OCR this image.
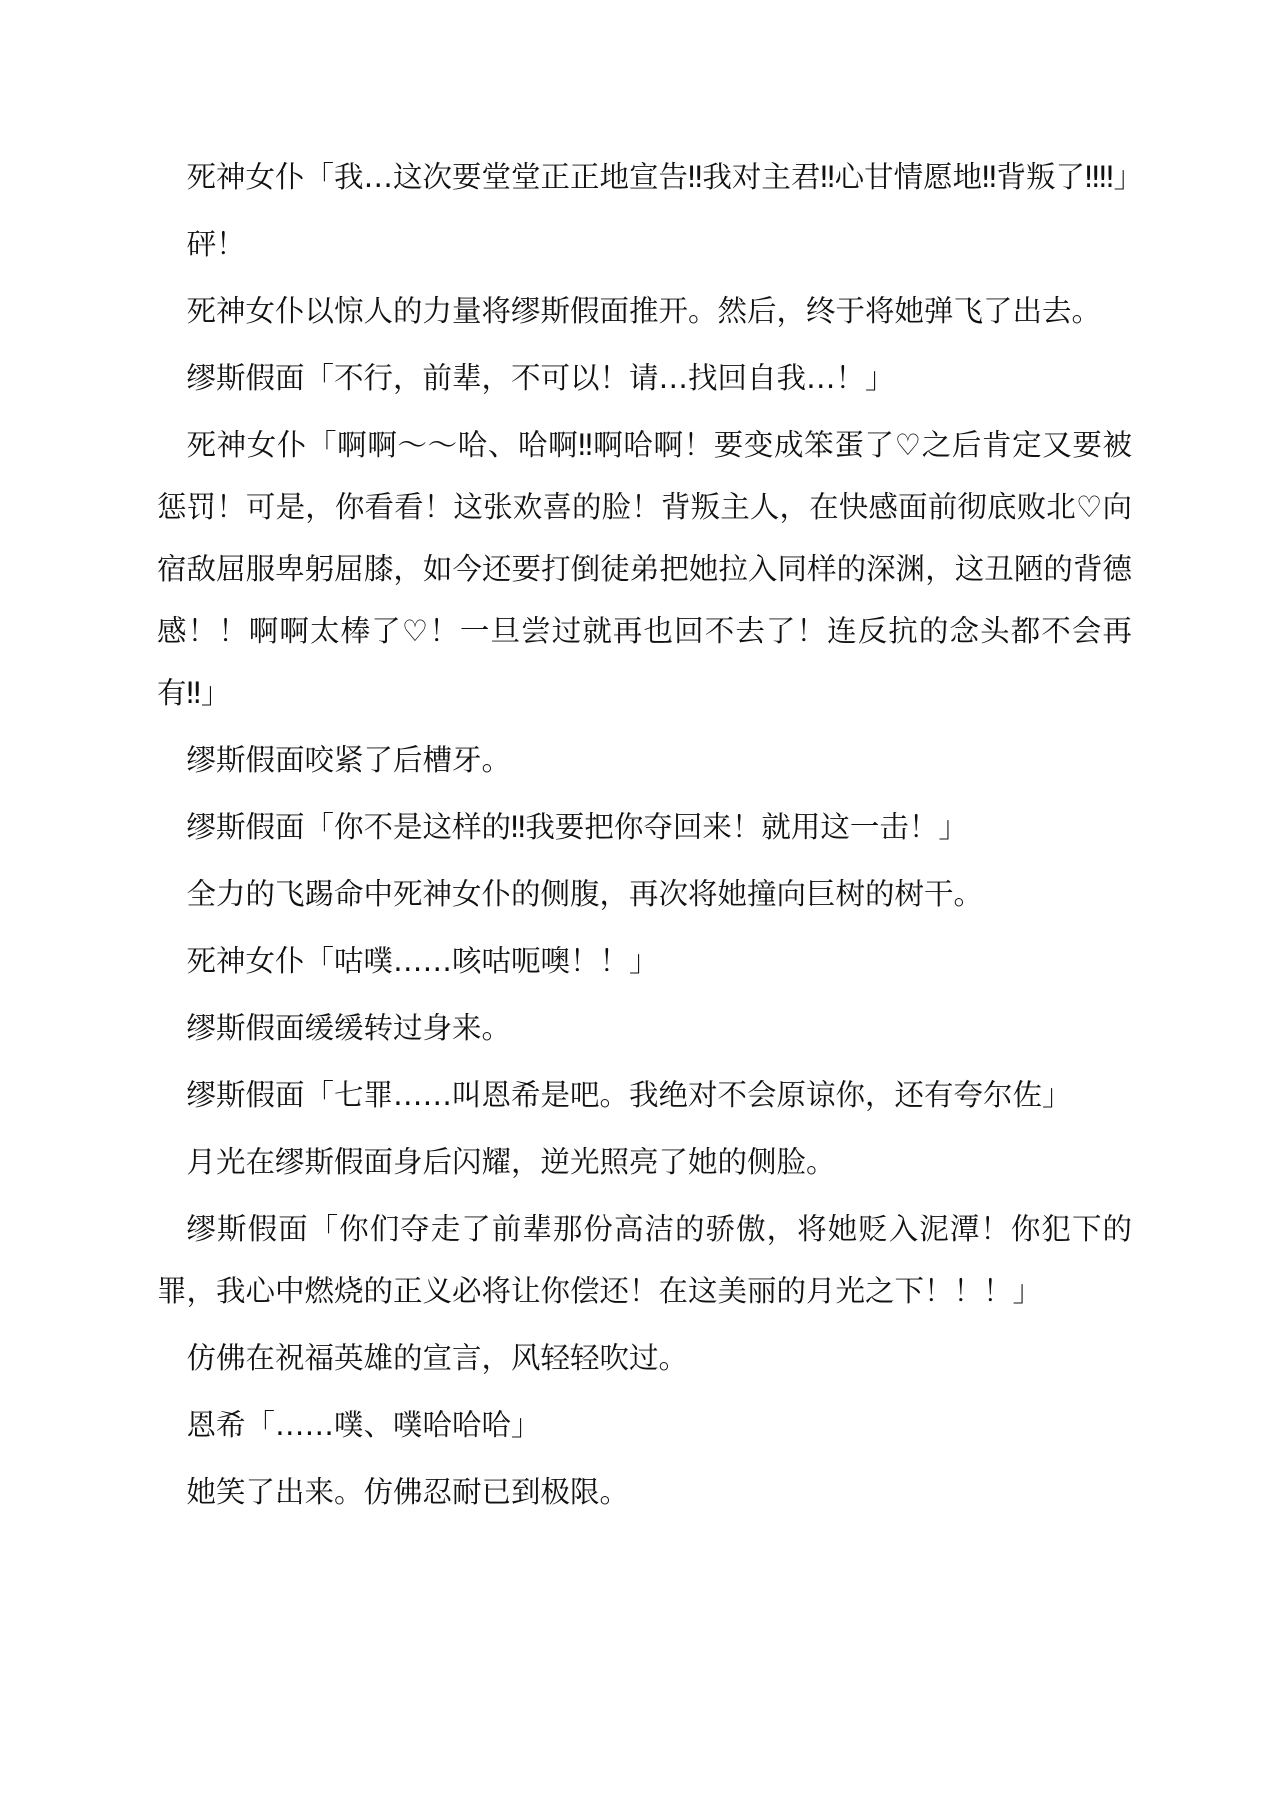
死神女仆「我…这次要堂堂正正地宣告‼我对主君‼心甘情愿地‼背叛了‼‼」

砰！

死神女仆以惊人的力量将缪斯假面推开。然后，终于将她弹飞了出去。

缪斯假面「不行，前辈，不可以！请…找回自我…！」

死神女仆「啊啊～～哈、哈啊‼啊哈啊！要变成笨蛋了♡之后肯定又要被惩罚！可是，你看看！这张欢喜的脸！背叛主人，在快感面前彻底败北♡向宿敌屈服卑躬屈膝，如今还要打倒徒弟把她拉入同样的深渊，这丑陋的背德感！！啊啊太棒了♡！一旦尝过就再也回不去了！连反抗的念头都不会再有‼」

缪斯假面咬紧了后槽牙。

缪斯假面「你不是这样的‼我要把你夺回来！就用这一击！」

全力的飞踢命中死神女仆的侧腹，再次将她撞向巨树的树干。

死神女仆「咕噗……咳咕呃噢！！」

缪斯假面缓缓转过身来。

缪斯假面「七罪……叫恩希是吧。我绝对不会原谅你，还有夸尔佐」

月光在缪斯假面身后闪耀，逆光照亮了她的侧脸。

缪斯假面「你们夺走了前辈那份高洁的骄傲，将她贬入泥潭！你犯下的罪，我心中燃烧的正义必将让你偿还！在这美丽的月光之下！！！」

仿佛在祝福英雄的宣言，风轻轻吹过。

恩希「……噗、噗哈哈哈」

她笑了出来。仿佛忍耐已到极限。
